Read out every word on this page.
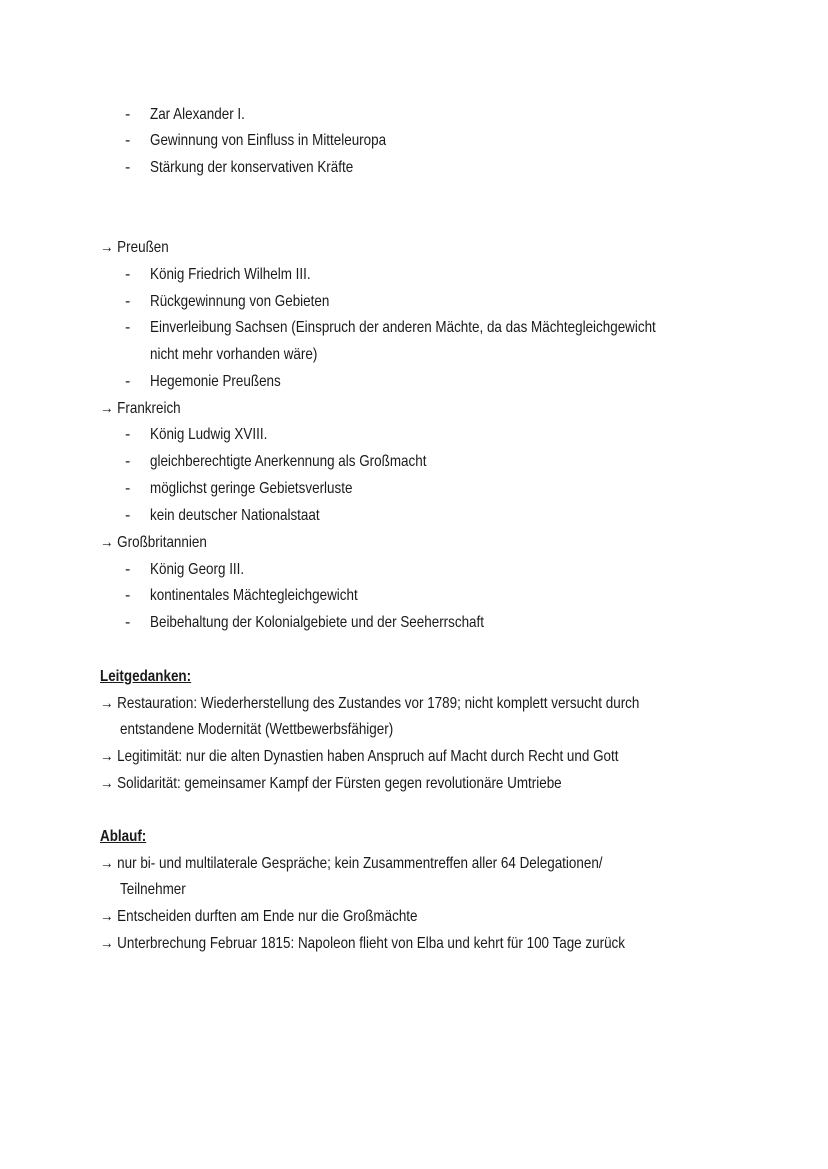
- Zar Alexander I.
- Gewinnung von Einfluss in Mitteleuropa
- Stärkung der konservativen Kräfte
→ Preußen
- König Friedrich Wilhelm III.
- Rückgewinnung von Gebieten
- Einverleibung Sachsen (Einspruch der anderen Mächte, da das Mächtegleichgewicht
nicht mehr vorhanden wäre)
- Hegemonie Preußens
→ Frankreich
- König Ludwig XVIII.
- gleichberechtigte Anerkennung als Großmacht
- möglichst geringe Gebietsverluste
- kein deutscher Nationalstaat
→ Großbritannien
- König Georg III.
- kontinentales Mächtegleichgewicht
- Beibehaltung der Kolonialgebiete und der Seeherrschaft
Leitgedanken:
→ Restauration: Wiederherstellung des Zustandes vor 1789; nicht komplett versucht durch
entstandene Modernität (Wettbewerbsfähiger)
→ Legitimität: nur die alten Dynastien haben Anspruch auf Macht durch Recht und Gott
→ Solidarität: gemeinsamer Kampf der Fürsten gegen revolutionäre Umtriebe
Ablauf:
→ nur bi- und multilaterale Gespräche; kein Zusammentreffen aller 64 Delegationen/
Teilnehmer
→ Entscheiden durften am Ende nur die Großmächte
→ Unterbrechung Februar 1815: Napoleon flieht von Elba und kehrt für 100 Tage zurück
